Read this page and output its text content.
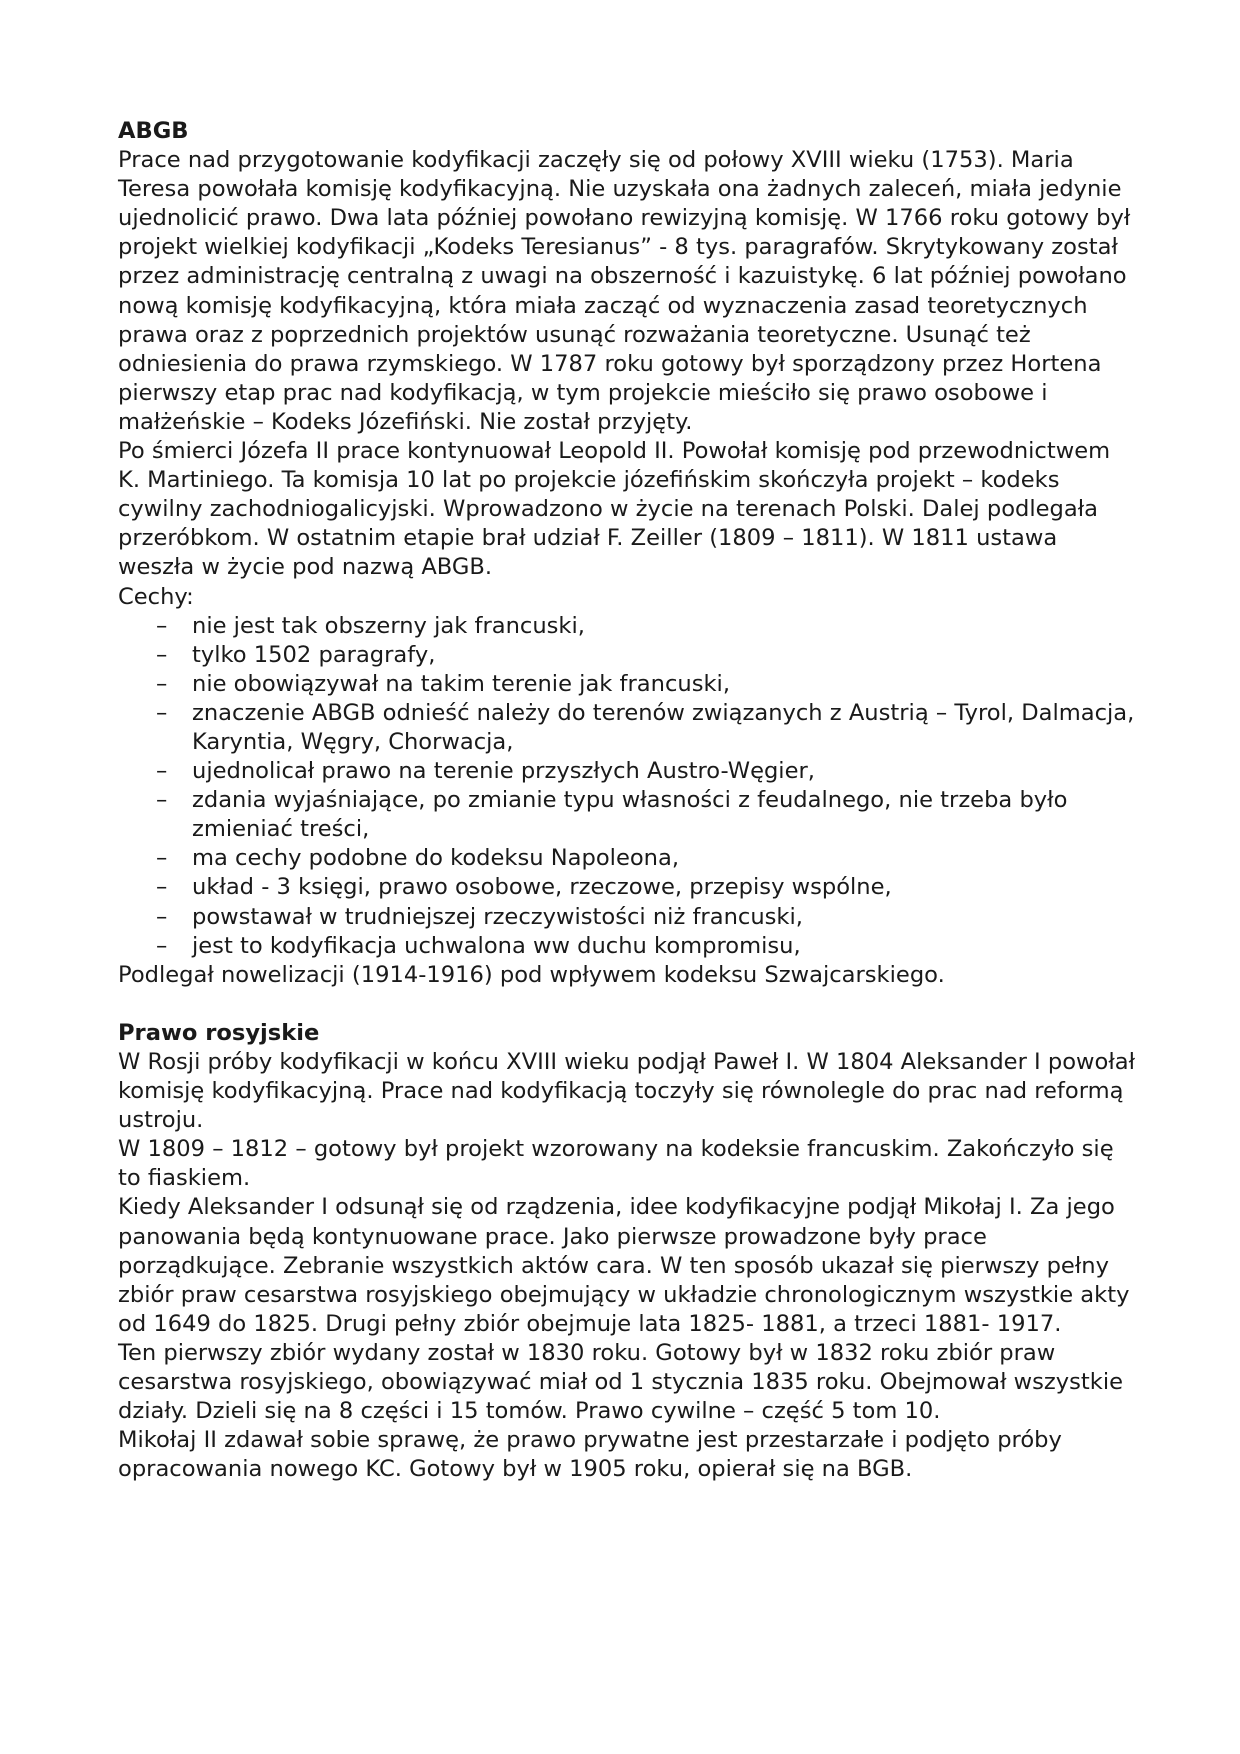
ABGB

Prace nad przygotowanie kodyfikacji zaczęły się od połowy XVIII wieku (1753). Maria Teresa powołała komisję kodyfikacyjną. Nie uzyskała ona żadnych zaleceń, miała jedynie ujednolicić prawo. Dwa lata później powołano rewizyjną komisję. W 1766 roku gotowy był projekt wielkiej kodyfikacji „Kodeks Teresianus” - 8 tys. paragrafów. Skrytykowany został przez administrację centralną z uwagi na obszerność i kazuistykę. 6 lat później powołano nową komisję kodyfikacyjną, która miała zacząć od wyznaczenia zasad teoretycznych prawa oraz z poprzednich projektów usunąć rozważania teoretyczne. Usunąć też odniesienia do prawa rzymskiego. W 1787 roku gotowy był sporządzony przez Hortena pierwszy etap prac nad kodyfikacją, w tym projekcie mieściło się prawo osobowe i małżeńskie – Kodeks Józefiński. Nie został przyjęty.

Po śmierci Józefa II prace kontynuował Leopold II. Powołał komisję pod przewodnictwem K. Martiniego. Ta komisja 10 lat po projekcie józefińskim skończyła projekt – kodeks cywilny zachodniogalicyjski. Wprowadzono w życie na terenach Polski. Dalej podlegała przeróbkom. W ostatnim etapie brał udział F. Zeiller (1809 – 1811). W 1811 ustawa weszła w życie pod nazwą ABGB.

Cechy:

– nie jest tak obszerny jak francuski,
– tylko 1502 paragrafy,
– nie obowiązywał na takim terenie jak francuski,
– znaczenie ABGB odnieść należy do terenów związanych z Austrią – Tyrol, Dalmacja, Karyntia, Węgry, Chorwacja,
– ujednolicał prawo na terenie przyszłych Austro-Węgier,
– zdania wyjaśniające, po zmianie typu własności z feudalnego, nie trzeba było zmieniać treści,
– ma cechy podobne do kodeksu Napoleona,
– układ - 3 księgi, prawo osobowe, rzeczowe, przepisy wspólne,
– powstawał w trudniejszej rzeczywistości niż francuski,
– jest to kodyfikacja uchwalona ww duchu kompromisu,

Podlegał nowelizacji (1914-1916) pod wpływem kodeksu Szwajcarskiego.

Prawo rosyjskie

W Rosji próby kodyfikacji w końcu XVIII wieku podjął Paweł I. W 1804 Aleksander I powołał komisję kodyfikacyjną. Prace nad kodyfikacją toczyły się równolegle do prac nad reformą ustroju.

W 1809 – 1812 – gotowy był projekt wzorowany na kodeksie francuskim. Zakończyło się to fiaskiem.

Kiedy Aleksander I odsunął się od rządzenia, idee kodyfikacyjne podjął Mikołaj I. Za jego panowania będą kontynuowane prace. Jako pierwsze prowadzone były prace porządkujące. Zebranie wszystkich aktów cara. W ten sposób ukazał się pierwszy pełny zbiór praw cesarstwa rosyjskiego obejmujący w układzie chronologicznym wszystkie akty od 1649 do 1825. Drugi pełny zbiór obejmuje lata 1825- 1881, a trzeci 1881- 1917.

Ten pierwszy zbiór wydany został w 1830 roku. Gotowy był w 1832 roku zbiór praw cesarstwa rosyjskiego, obowiązywać miał od 1 stycznia 1835 roku. Obejmował wszystkie działy. Dzieli się na 8 części i 15 tomów. Prawo cywilne – część 5 tom 10.

Mikołaj II zdawał sobie sprawę, że prawo prywatne jest przestarzałe i podjęto próby opracowania nowego KC. Gotowy był w 1905 roku, opierał się na BGB.
